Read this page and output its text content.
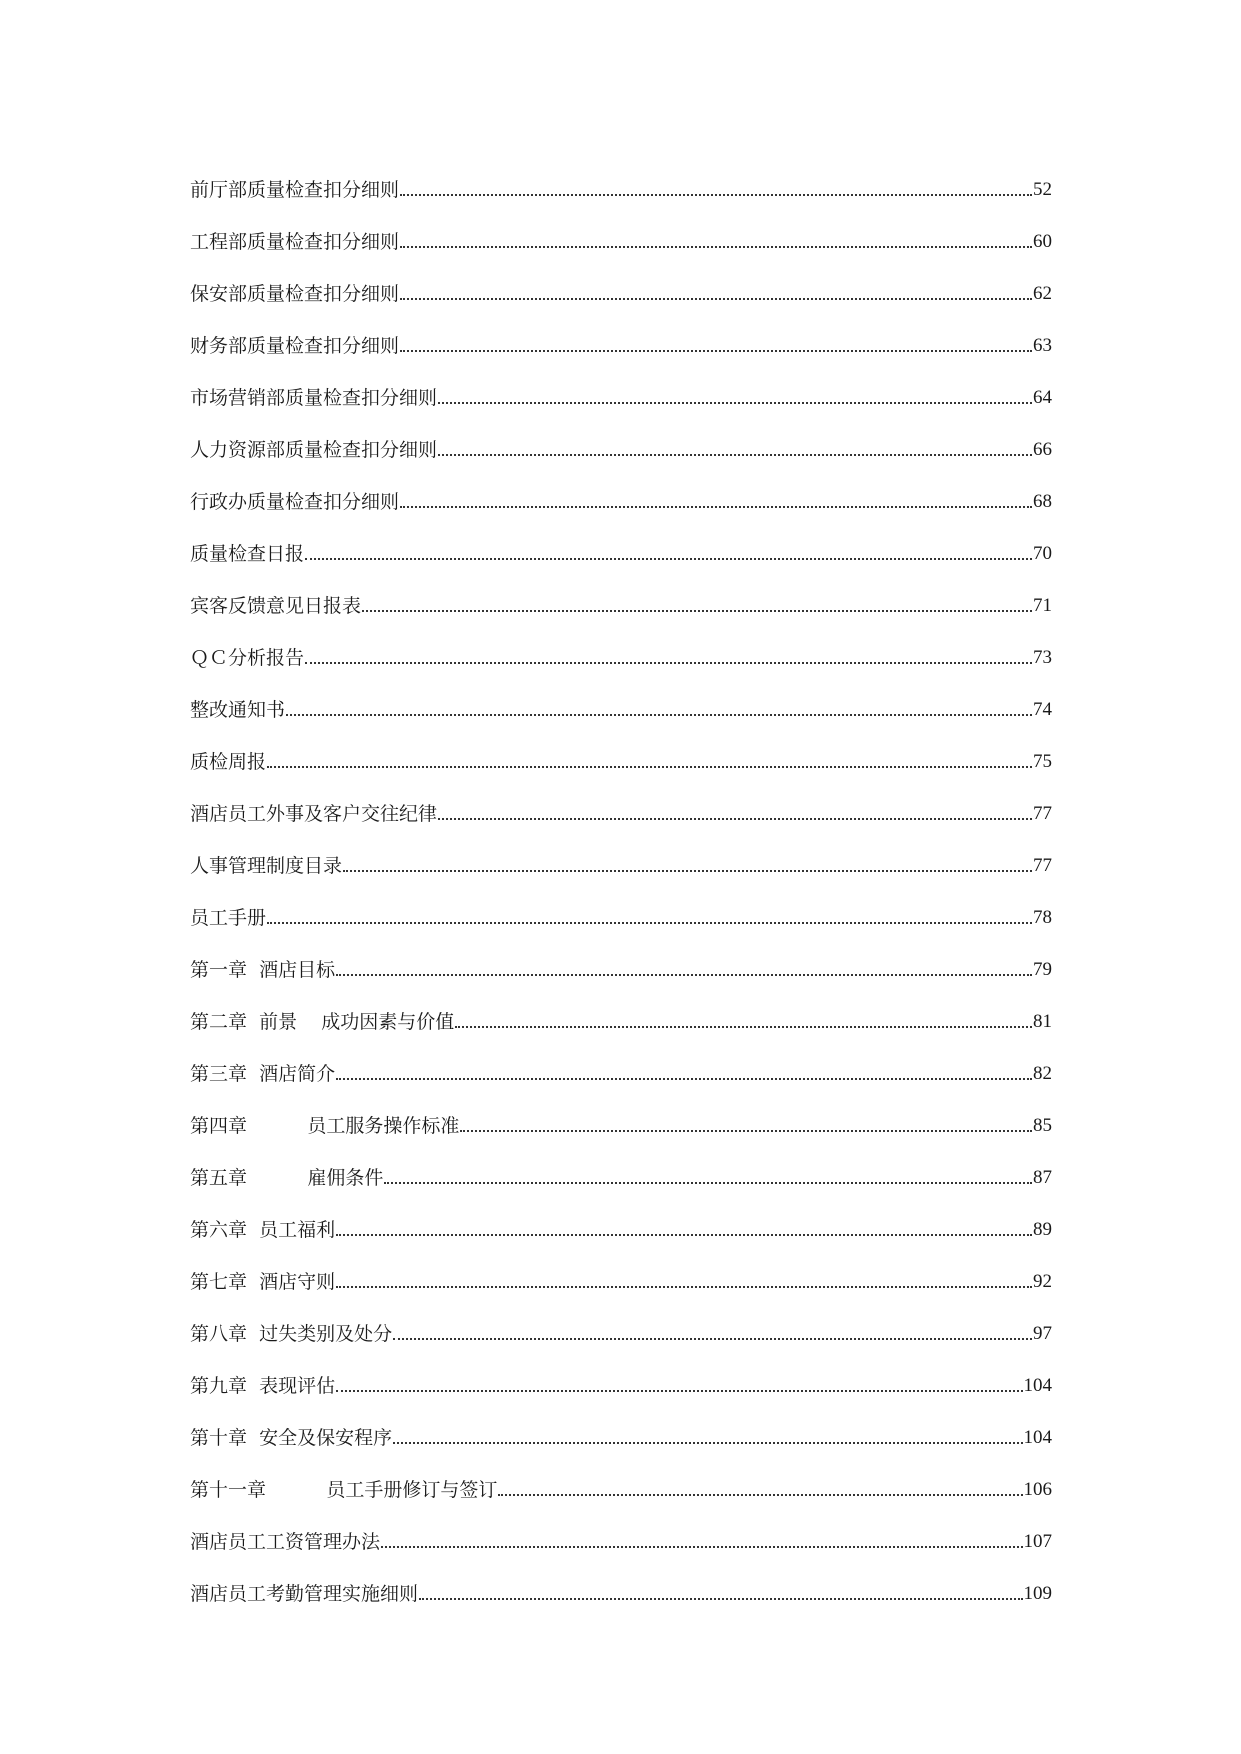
前厅部质量检查扣分细则	52
工程部质量检查扣分细则	60
保安部质量检查扣分细则	62
财务部质量检查扣分细则	63
市场营销部质量检查扣分细则	64
人力资源部质量检查扣分细则	66
行政办质量检查扣分细则	68
质量检查日报	70
宾客反馈意见日报表	71
ＱＣ分析报告	73
整改通知书	74
质检周报	75
酒店员工外事及客户交往纪律	77
人事管理制度目录	77
员工手册	78
第一章  酒店目标	79
第二章  前景    成功因素与价值	81
第三章  酒店简介	82
第四章          员工服务操作标准	85
第五章          雇佣条件	87
第六章  员工福利	89
第七章  酒店守则	92
第八章  过失类别及处分	97
第九章  表现评估	104
第十章  安全及保安程序	104
第十一章          员工手册修订与签订	106
酒店员工工资管理办法	107
酒店员工考勤管理实施细则	109
